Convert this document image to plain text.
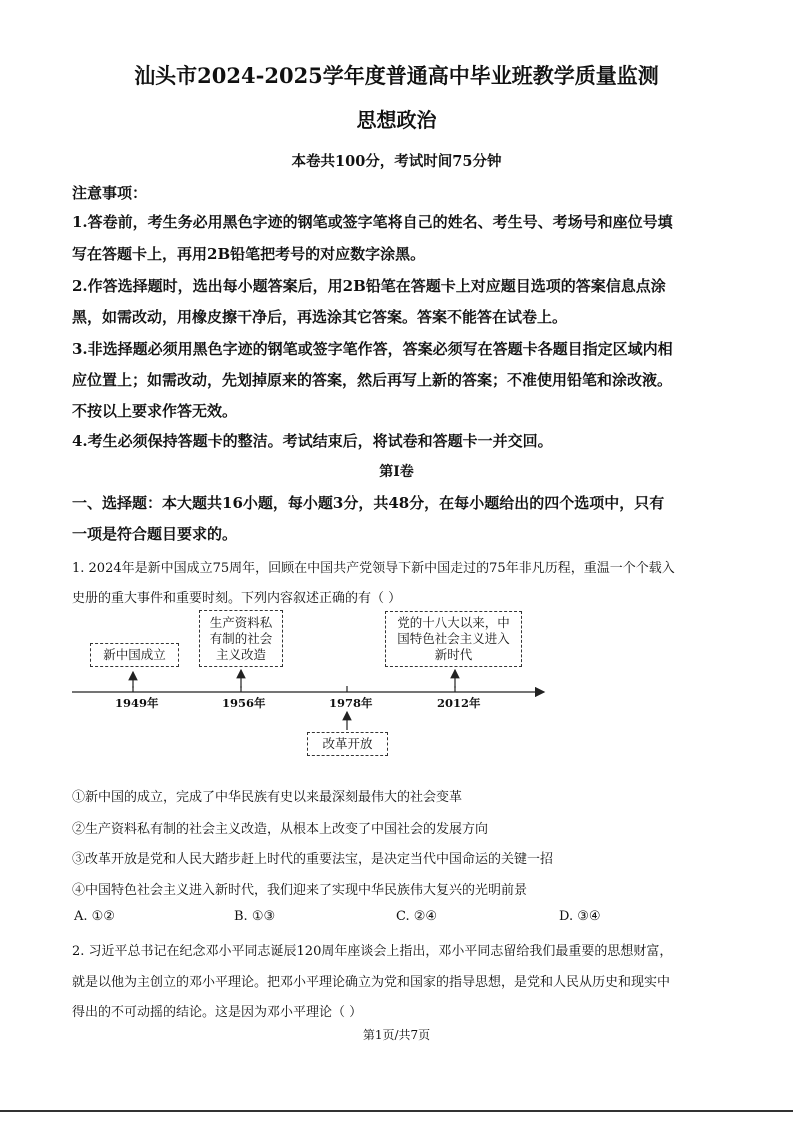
汕头市2024-2025学年度普通高中毕业班教学质量监测
思想政治
本卷共100分，考试时间75分钟
注意事项：
1.答卷前，考生务必用黑色字迹的钢笔或签字笔将自己的姓名、考生号、考场号和座位号填
写在答题卡上，再用2B铅笔把考号的对应数字涂黑。
2.作答选择题时，选出每小题答案后，用2B铅笔在答题卡上对应题目选项的答案信息点涂
黑，如需改动，用橡皮擦干净后，再选涂其它答案。答案不能答在试卷上。
3.非选择题必须用黑色字迹的钢笔或签字笔作答，答案必须写在答题卡各题目指定区域内相
应位置上；如需改动，先划掉原来的答案，然后再写上新的答案；不准使用铅笔和涂改液。
不按以上要求作答无效。
4.考生必须保持答题卡的整洁。考试结束后，将试卷和答题卡一并交回。
第Ⅰ卷
一、选择题：本大题共16小题，每小题3分，共48分，在每小题给出的四个选项中，只有
一项是符合题目要求的。
1. 2024年是新中国成立75周年，回顾在中国共产党领导下新中国走过的75年非凡历程，重温一个个载入
史册的重大事件和重要时刻。下列内容叙述正确的有（ ）
新中国成立
生产资料私有制的社会主义改造
党的十八大以来，中国特色社会主义进入新时代
改革开放
1949年	1956年	1978年	2012年
①新中国的成立，完成了中华民族有史以来最深刻最伟大的社会变革
②生产资料私有制的社会主义改造，从根本上改变了中国社会的发展方向
③改革开放是党和人民大踏步赶上时代的重要法宝，是决定当代中国命运的关键一招
④中国特色社会主义进入新时代，我们迎来了实现中华民族伟大复兴的光明前景
A. ①②	B. ①③	C. ②④	D. ③④
2. 习近平总书记在纪念邓小平同志诞辰120周年座谈会上指出，邓小平同志留给我们最重要的思想财富，
就是以他为主创立的邓小平理论。把邓小平理论确立为党和国家的指导思想，是党和人民从历史和现实中
得出的不可动摇的结论。这是因为邓小平理论（ ）
第1页/共7页
